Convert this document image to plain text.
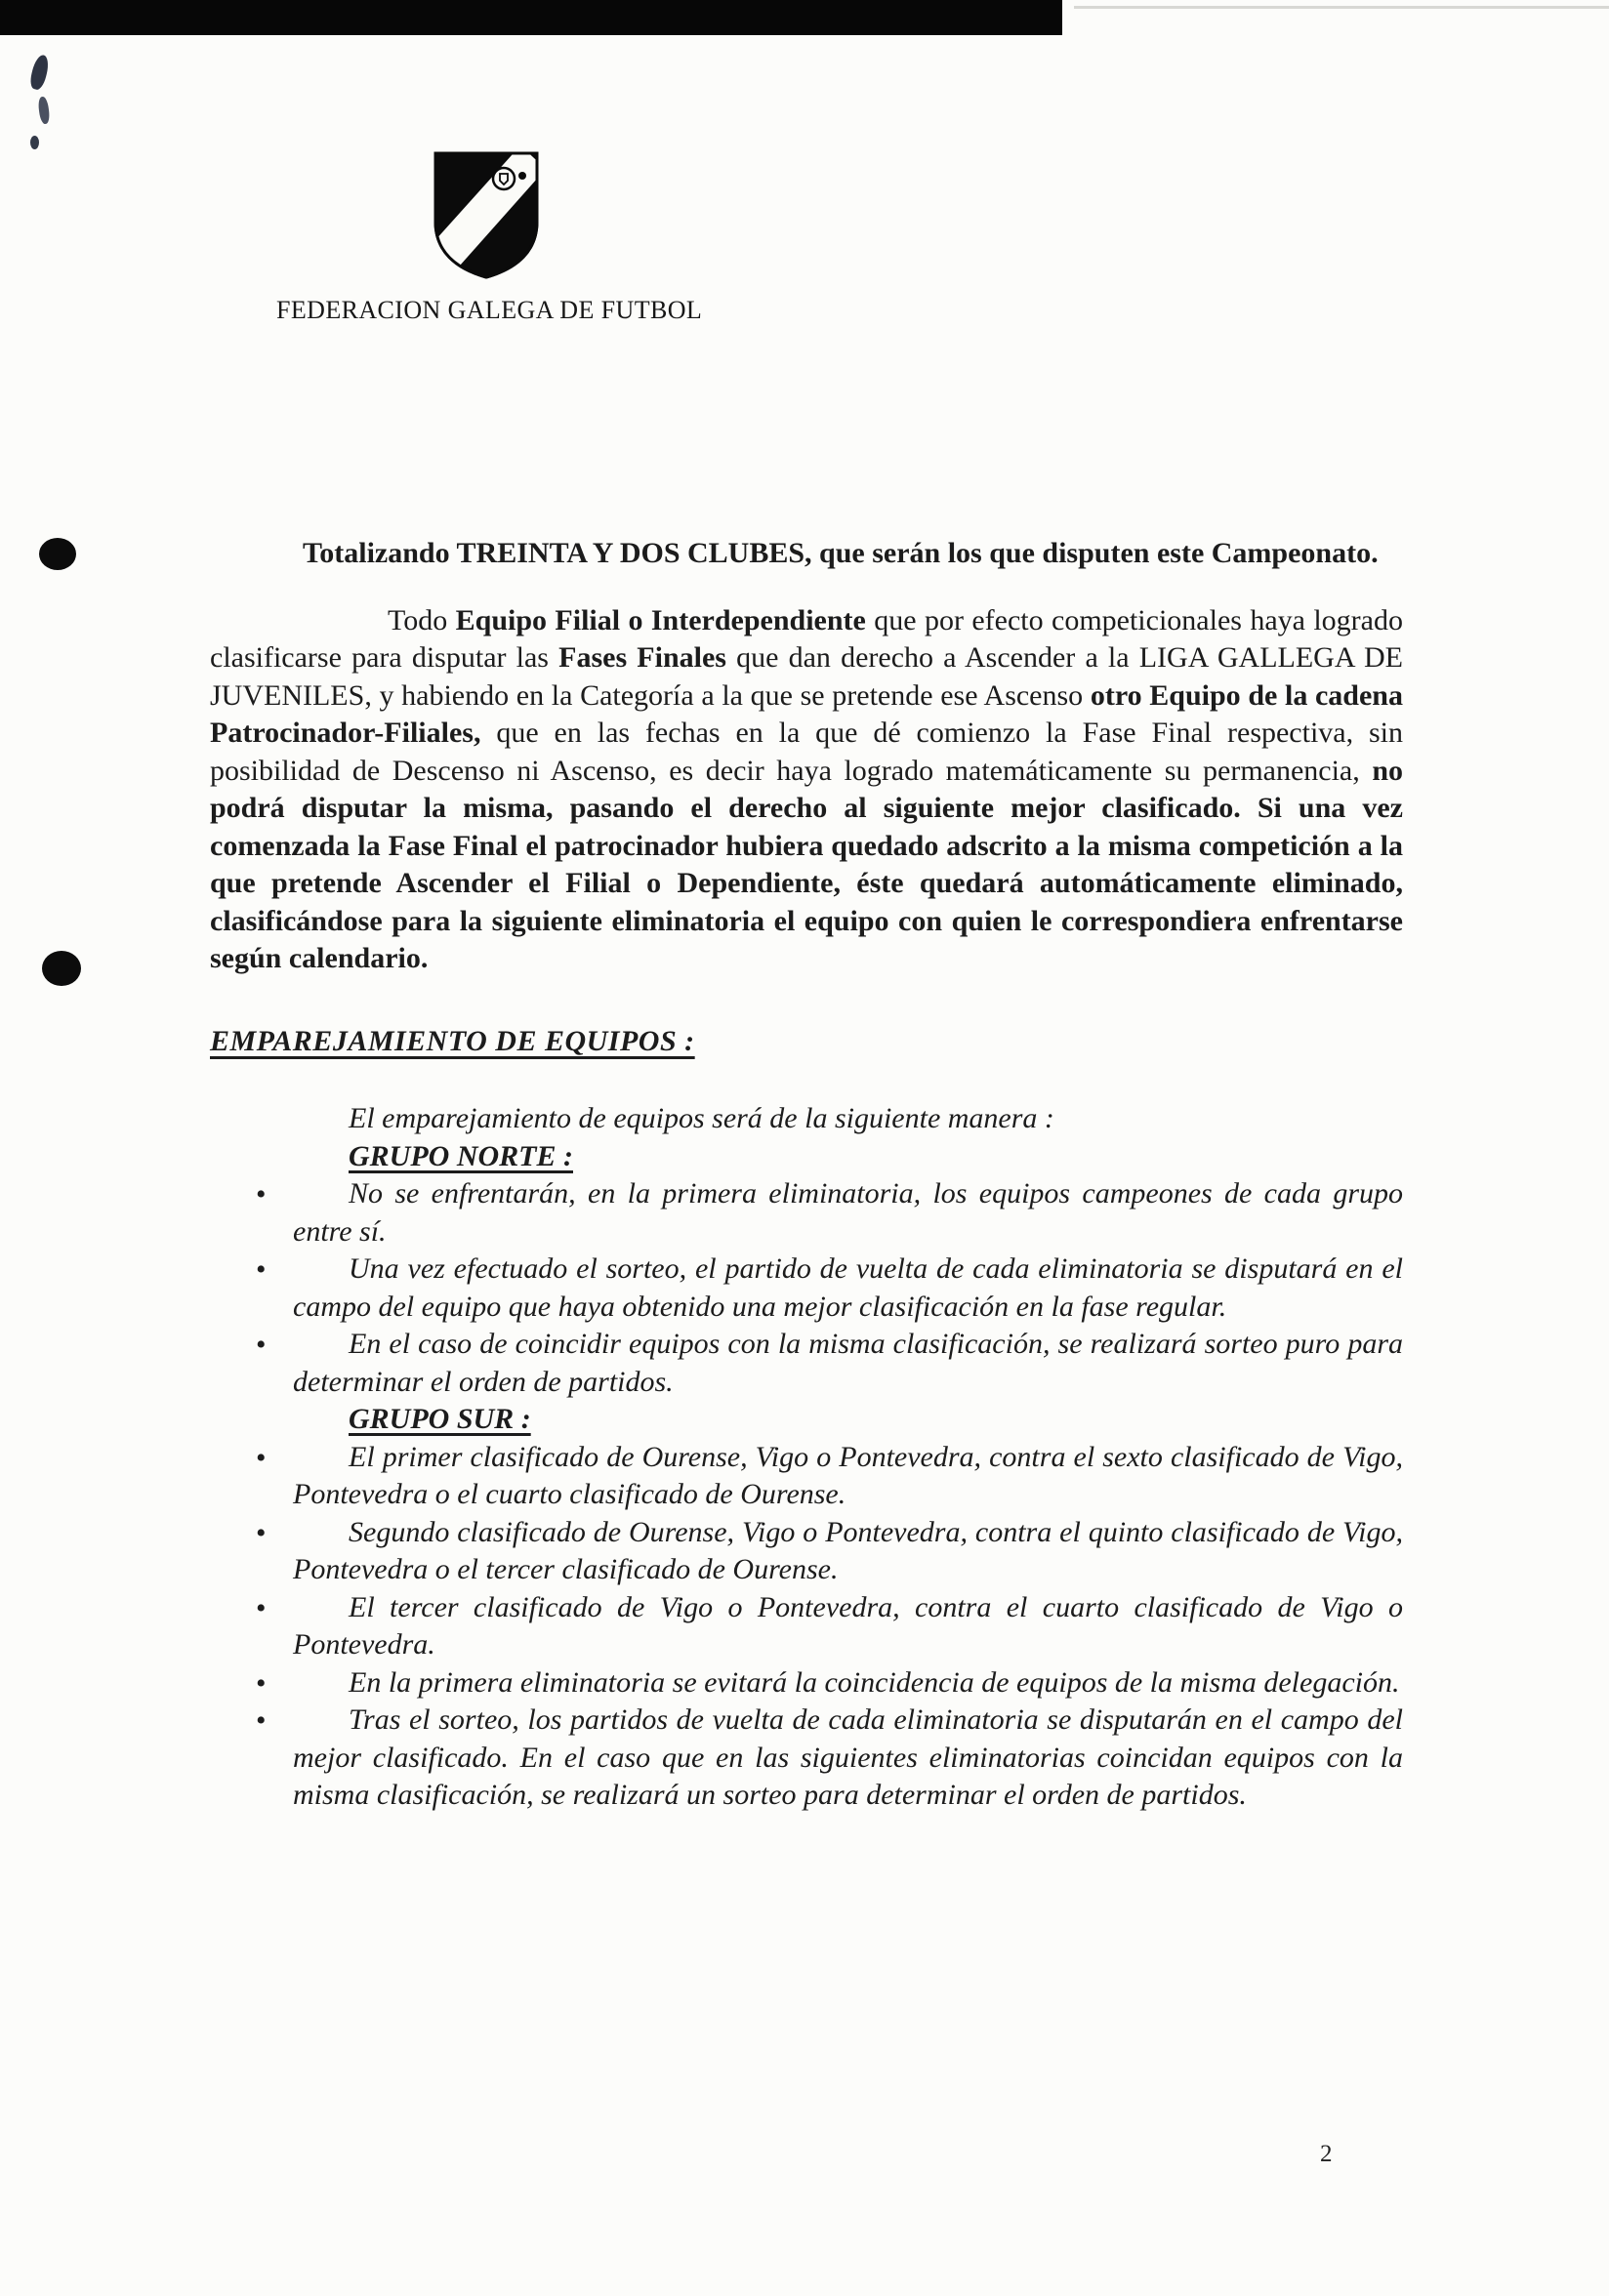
FEDERACION GALEGA DE FUTBOL

Totalizando TREINTA Y DOS CLUBES, que serán los que disputen este Campeonato.

Todo Equipo Filial o Interdependiente que por efecto competicionales haya logrado clasificarse para disputar las Fases Finales que dan derecho a Ascender a la LIGA GALLEGA DE JUVENILES, y habiendo en la Categoría a la que se pretende ese Ascenso otro Equipo de la cadena Patrocinador-Filiales, que en las fechas en la que dé comienzo la Fase Final respectiva, sin posibilidad de Descenso ni Ascenso, es decir haya logrado matemáticamente su permanencia, no podrá disputar la misma, pasando el derecho al siguiente mejor clasificado. Si una vez comenzada la Fase Final el patrocinador hubiera quedado adscrito a la misma competición a la que pretende Ascender el Filial o Dependiente, éste quedará automáticamente eliminado, clasificándose para la siguiente eliminatoria el equipo con quien le correspondiera enfrentarse según calendario.

EMPAREJAMIENTO DE EQUIPOS :
El emparejamiento de equipos será de la siguiente manera :
GRUPO NORTE :
•	No se enfrentarán, en la primera eliminatoria, los equipos campeones de cada grupo entre sí.
•	Una vez efectuado el sorteo, el partido de vuelta de cada eliminatoria se disputará en el campo del equipo que haya obtenido una mejor clasificación en la fase regular.
•	En el caso de coincidir equipos con la misma clasificación, se realizará sorteo puro para determinar el orden de partidos.
GRUPO SUR :
•	El primer clasificado de Ourense, Vigo o Pontevedra, contra el sexto clasificado de Vigo, Pontevedra o el cuarto clasificado de Ourense.
•	Segundo clasificado de Ourense, Vigo o Pontevedra, contra el quinto clasificado de Vigo, Pontevedra o el tercer clasificado de Ourense.
•	El tercer clasificado de Vigo o Pontevedra, contra el cuarto clasificado de Vigo o Pontevedra.
•	En la primera eliminatoria se evitará la coincidencia de equipos de la misma delegación.
•	Tras el sorteo, los partidos de vuelta de cada eliminatoria se disputarán en el campo del mejor clasificado. En el caso que en las siguientes eliminatorias coincidan equipos con la misma clasificación, se realizará un sorteo para determinar el orden de partidos.
2
